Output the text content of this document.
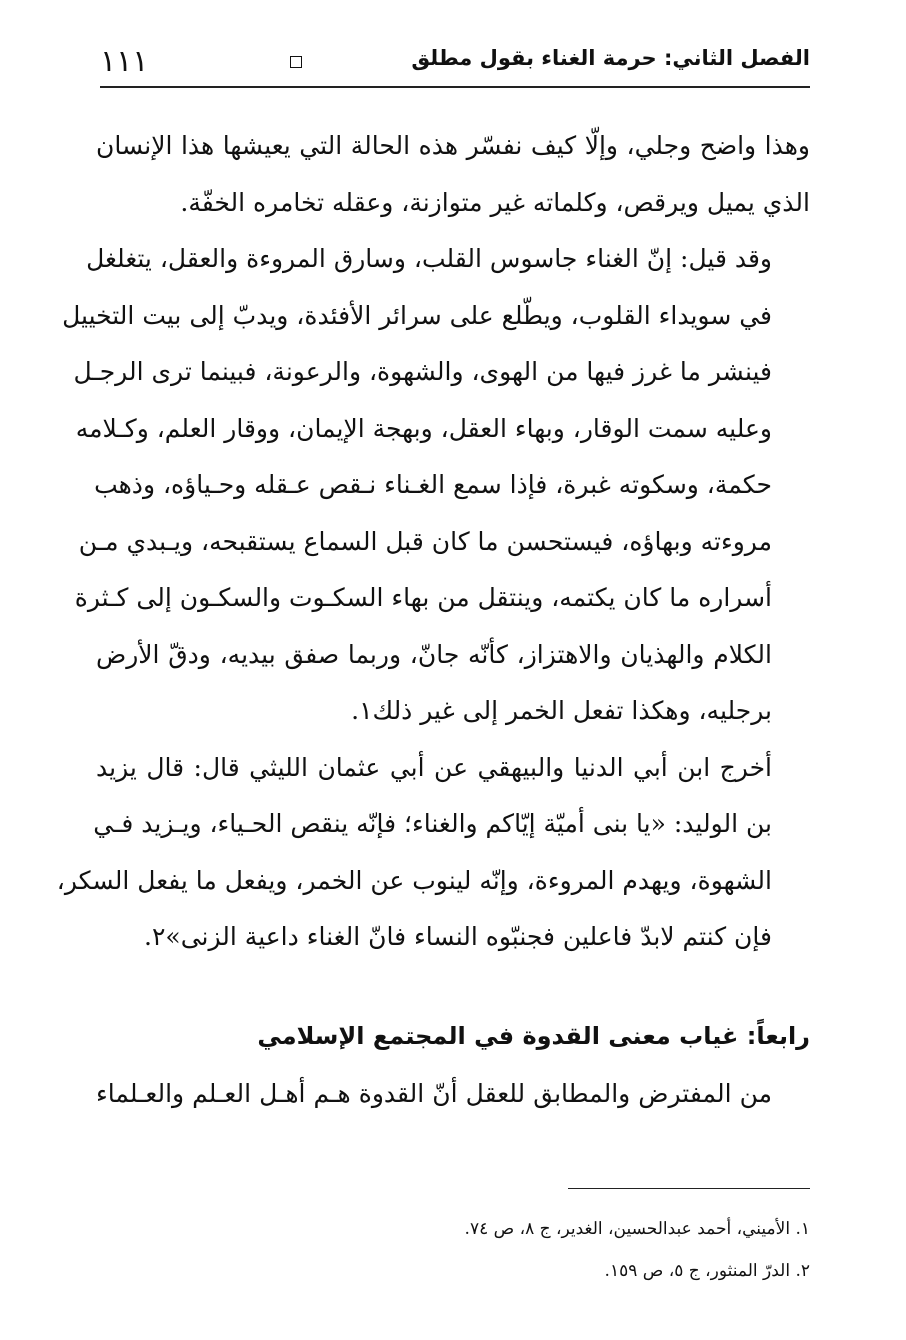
١١١	الفصل الثاني: حرمة الغناء بقول مطلق

وهذا واضح وجلي، وإلّا كيف نفسّر هذه الحالة التي يعيشها هذا الإنسان
الذي يميل ويرقص، وكلماته غير متوازنة، وعقله تخامره الخفّة.

وقد قيل: إنّ الغناء جاسوس القلب، وسارق المروءة والعقل، يتغلغل
في سويداء القلوب، ويطّلع على سرائر الأفئدة، ويدبّ إلى بيت التخييل
فينشر ما غرز فيها من الهوى، والشهوة، والرعونة، فبينما ترى الرجـل
وعليه سمت الوقار، وبهاء العقل، وبهجة الإيمان، ووقار العلم، وكـلامه
حكمة، وسكوته غبرة، فإذا سمع الغـناء نـقص عـقله وحـياؤه، وذهب
مروءته وبهاؤه، فيستحسن ما كان قبل السماع يستقبحه، ويـبدي مـن
أسراره ما كان يكتمه، وينتقل من بهاء السكـوت والسكـون إلى كـثرة
الكلام والهذيان والاهتزاز، كأنّه جانّ، وربما صفق بيديه، ودقّ الأرض
برجليه، وهكذا تفعل الخمر إلى غير ذلك١.

أخرج ابن أبي الدنيا والبيهقي عن أبي عثمان الليثي قال: قال يزيد
بن الوليد: «يا بنى أميّة إيّاكم والغناء؛ فإنّه ينقص الحـياء، ويـزيد فـي
الشهوة، ويهدم المروءة، وإنّه لينوب عن الخمر، ويفعل ما يفعل السكر،
فإن كنتم لابدّ فاعلين فجنبّوه النساء فانّ الغناء داعية الزنى»٢.

رابعاً: غياب معنى القدوة في المجتمع الإسلامي

من المفترض والمطابق للعقل أنّ القدوة هـم أهـل العـلم والعـلماء

١. الأميني، أحمد عبدالحسين، الغدير، ج ٨، ص ٧٤.
٢. الدرّ المنثور، ج ٥، ص ١٥٩.
